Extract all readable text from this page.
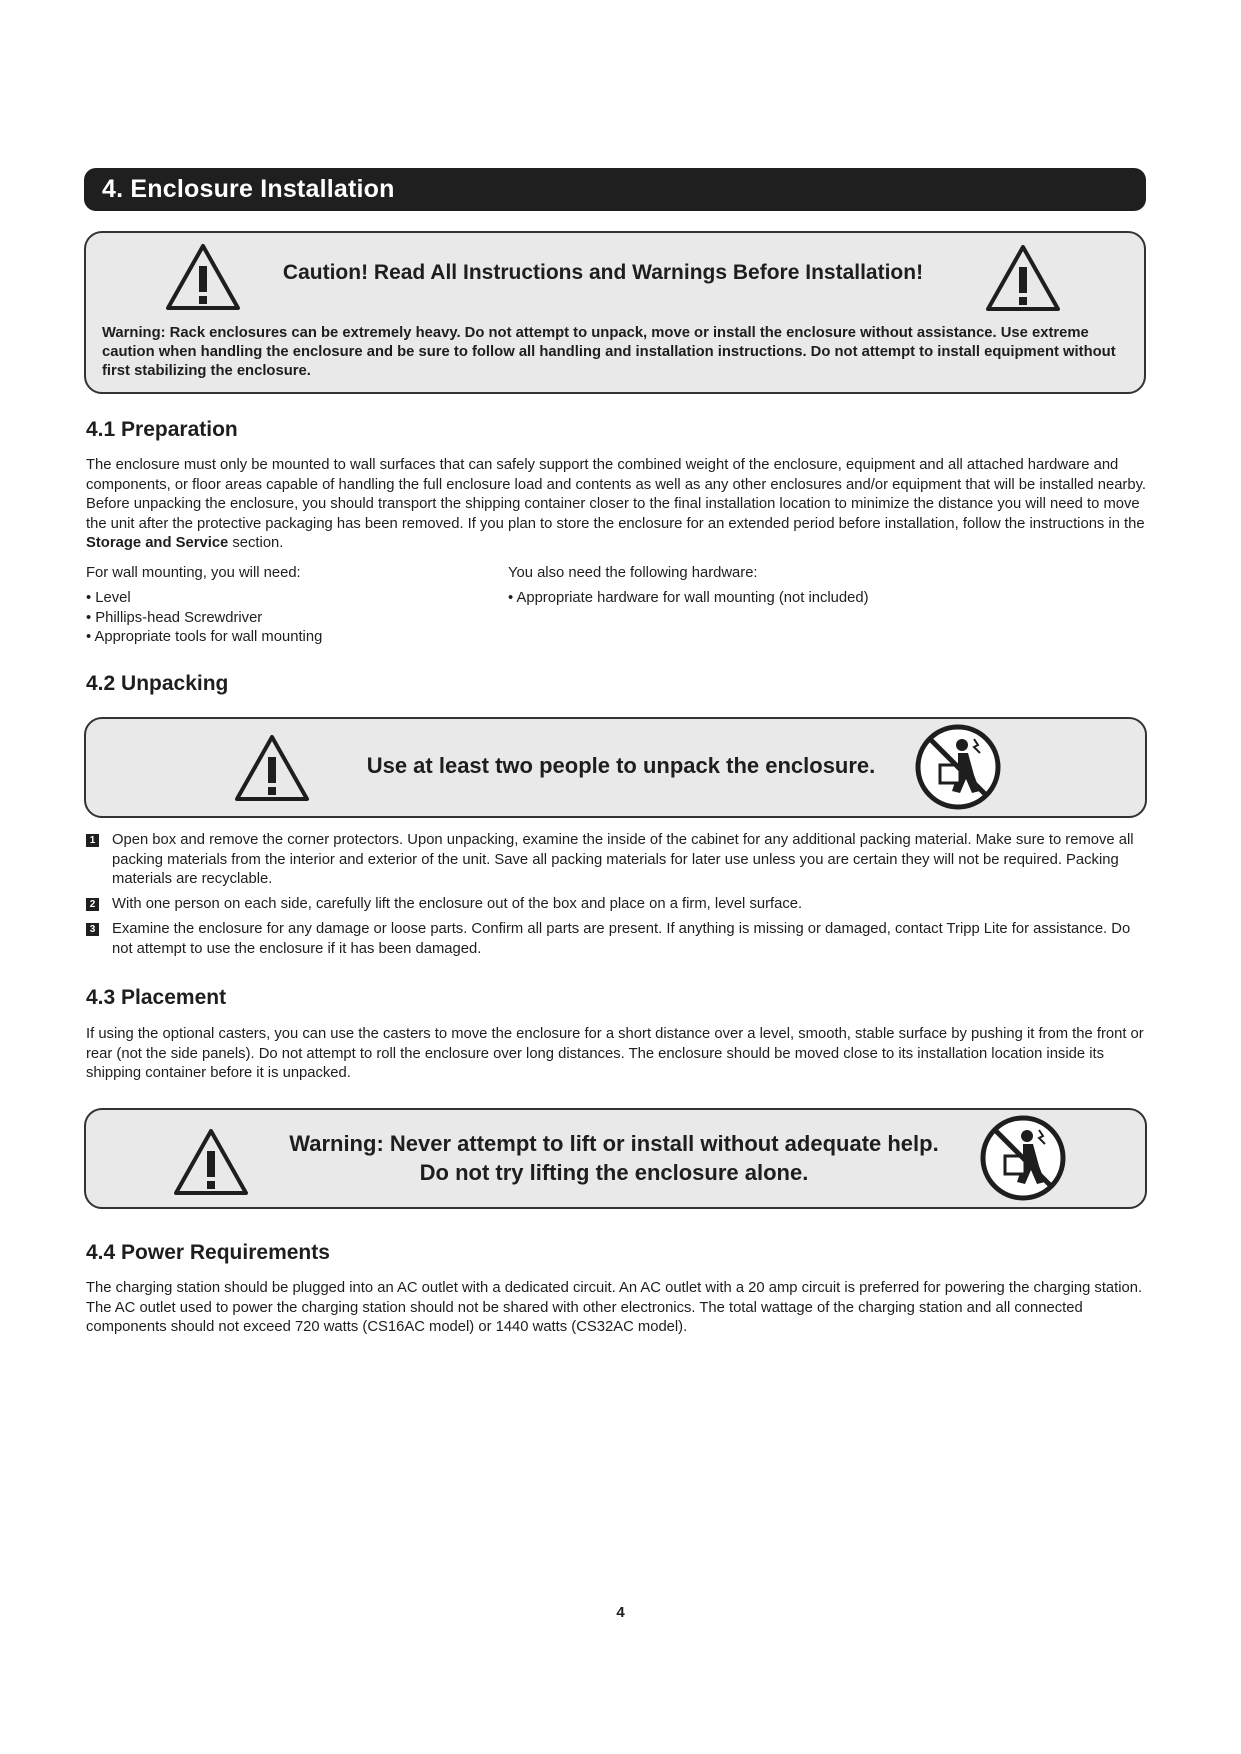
4. Enclosure Installation

Caution! Read All Instructions and Warnings Before Installation!

Warning: Rack enclosures can be extremely heavy. Do not attempt to unpack, move or install the enclosure without assistance. Use extreme caution when handling the enclosure and be sure to follow all handling and installation instructions. Do not attempt to install equipment without first stabilizing the enclosure.

4.1 Preparation

The enclosure must only be mounted to wall surfaces that can safely support the combined weight of the enclosure, equipment and all attached hardware and components, or floor areas capable of handling the full enclosure load and contents as well as any other enclosures and/or equipment that will be installed nearby. Before unpacking the enclosure, you should transport the shipping container closer to the final installation location to minimize the distance you will need to move the unit after the protective packaging has been removed. If you plan to store the enclosure for an extended period before installation, follow the instructions in the Storage and Service section.

For wall mounting, you will need:

• Level
• Phillips-head Screwdriver
• Appropriate tools for wall mounting

You also need the following hardware:

• Appropriate hardware for wall mounting (not included)
4.2 Unpacking

Use at least two people to unpack the enclosure.

1	Open box and remove the corner protectors. Upon unpacking, examine the inside of the cabinet for any additional packing material. Make sure to remove all packing materials from the interior and exterior of the unit. Save all packing materials for later use unless you are certain they will not be required. Packing materials are recyclable.
2	With one person on each side, carefully lift the enclosure out of the box and place on a firm, level surface.
3	Examine the enclosure for any damage or loose parts. Confirm all parts are present. If anything is missing or damaged, contact Tripp Lite for assistance. Do not attempt to use the enclosure if it has been damaged.
4.3 Placement

If using the optional casters, you can use the casters to move the enclosure for a short distance over a level, smooth, stable surface by pushing it from the front or rear (not the side panels). Do not attempt to roll the enclosure over long distances. The enclosure should be moved close to its installation location inside its shipping container before it is unpacked.

Warning: Never attempt to lift or install without adequate help.
Do not try lifting the enclosure alone.

4.4 Power Requirements

The charging station should be plugged into an AC outlet with a dedicated circuit. An AC outlet with a 20 amp circuit is preferred for powering the charging station. The AC outlet used to power the charging station should not be shared with other electronics. The total wattage of the charging station and all connected components should not exceed 720 watts (CS16AC model) or 1440 watts (CS32AC model).

4
